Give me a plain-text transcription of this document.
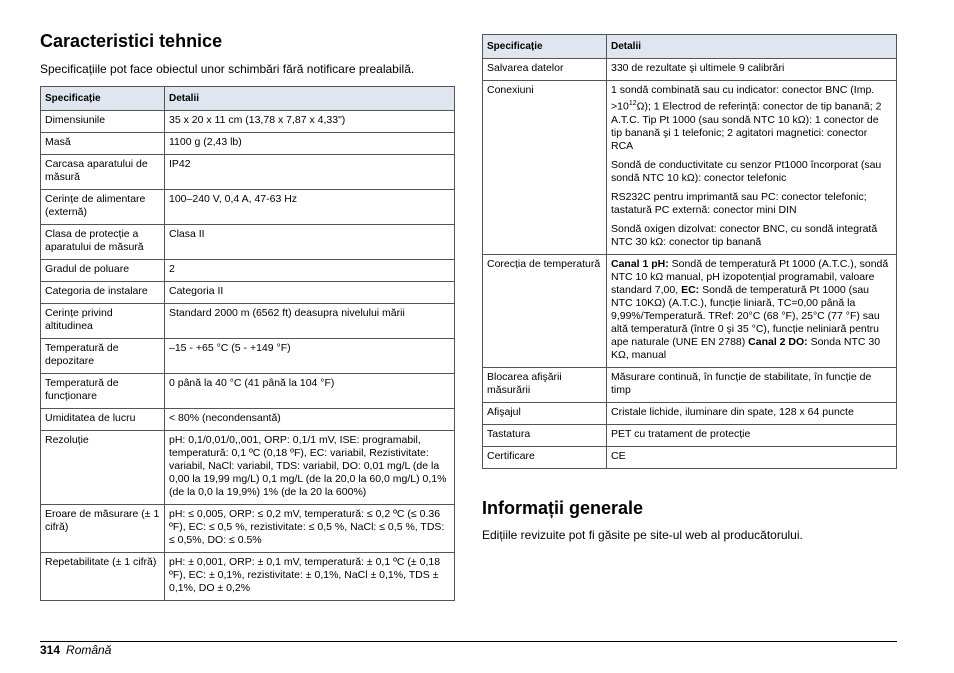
Caracteristici tehnice

Specificațiile pot face obiectul unor schimbări fără notificare prealabilă.

Specificație	Detalii
Dimensiunile	35 x 20 x 11 cm (13,78 x 7,87 x 4,33")
Masă	1100 g (2,43 lb)
Carcasa aparatului de măsură	IP42
Cerințe de alimentare (externă)	100–240 V, 0,4 A, 47-63 Hz
Clasa de protecție a aparatului de măsură	Clasa II
Gradul de poluare	2
Categoria de instalare	Categoria II
Cerințe privind altitudinea	Standard 2000 m (6562 ft) deasupra nivelului mării
Temperatură de depozitare	–15 - +65 °C (5 - +149 °F)
Temperatură de funcționare	0 până la 40 °C (41 până la 104 °F)
Umiditatea de lucru	< 80% (necondensantă)
Rezoluție	pH: 0,1/0,01/0,,001, ORP: 0,1/1 mV, ISE: programabil, temperatură: 0,1 ºC (0,18 ºF), EC: variabil, Rezistivitate: variabil, NaCl: variabil, TDS: variabil, DO: 0,01 mg/L (de la 0,00 la 19,99 mg/L) 0,1 mg/L (de la 20,0 la 60,0 mg/L) 0,1% (de la 0,0 la 19,9%) 1% (de la 20 la 600%)
Eroare de măsurare (± 1 cifră)	pH: ≤ 0,005, ORP: ≤ 0,2 mV, temperatură: ≤ 0,2 ºC (≤ 0.36 ºF), EC: ≤ 0,5 %, rezistivitate: ≤ 0,5 %, NaCl: ≤ 0,5 %, TDS: ≤ 0,5%, DO: ≤ 0.5%
Repetabilitate (± 1 cifră)	pH: ± 0,001, ORP: ± 0,1 mV, temperatură: ± 0,1 ºC (± 0,18 ºF), EC: ± 0,1%, rezistivitate: ± 0,1%, NaCl ± 0,1%, TDS ± 0,1%, DO ± 0,2%
Specificație	Detalii
Salvarea datelor	330 de rezultate şi ultimele 9 calibrări
Conexiuni	1 sondă combinată sau cu indicator: conector BNC (Imp. $>10^{12}\Omega$); 1 Electrod de referință: conector de tip banană; 2 A.T.C. Tip Pt 1000 (sau sondă NTC 10 kΩ): 1 conector de tip banană şi 1 telefonic; 2 agitatori magnetici: conector RCA
Sondă de conductivitate cu senzor Pt1000 încorporat (sau sondă NTC 10 kΩ): conector telefonic
RS232C pentru imprimantă sau PC: conector telefonic; tastatură PC externă: conector mini DIN
Sondă oxigen dizolvat: conector BNC, cu sondă integrată NTC 30 kΩ: conector tip banană

Corecția de temperatură	Canal 1 pH: Sondă de temperatură Pt 1000 (A.T.C.), sondă NTC 10 kΩ manual, pH izopotențial programabil, valoare standard 7,00, EC: Sondă de temperatură Pt 1000 (sau NTC 10KΩ) (A.T.C.), funcție liniară, TC=0,00 până la 9,99%/Temperatură. TRef: 20°C (68 °F), 25°C (77 °F) sau altă temperatură (între 0 şi 35 °C), funcție neliniară pentru ape naturale (UNE EN 2788) Canal 2 DO: Sonda NTC 30 KΩ, manual
Blocarea afişării măsurării	Măsurare continuă, în funcție de stabilitate, în funcție de timp
Afişajul	Cristale lichide, iluminare din spate, 128 x 64 puncte
Tastatura	PET cu tratament de protecție
Certificare	CE
Informații generale

Edițiile revizuite pot fi găsite pe site-ul web al producătorului.

314 Română
